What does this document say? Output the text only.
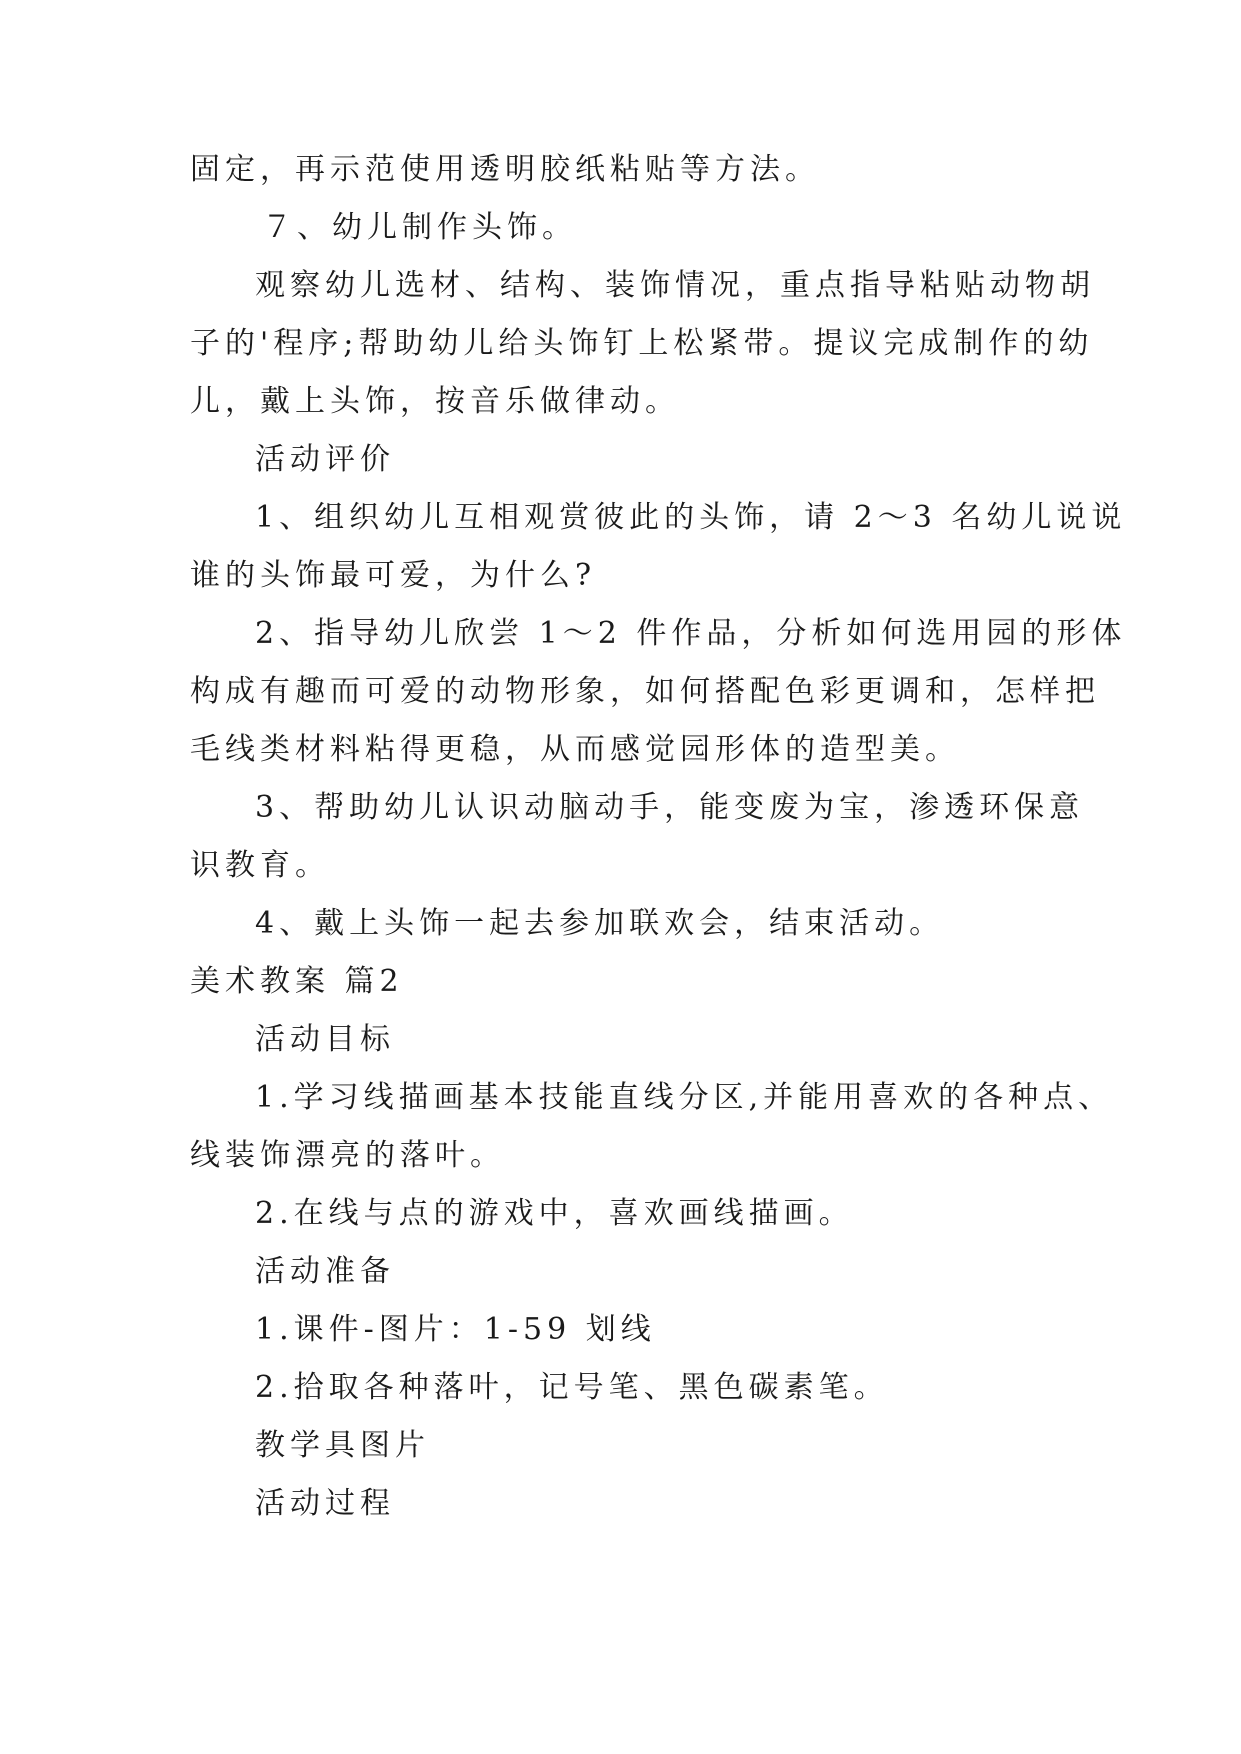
固定，再示范使用透明胶纸粘贴等方法。
７、幼儿制作头饰。
观察幼儿选材、结构、装饰情况，重点指导粘贴动物胡
子的'程序;帮助幼儿给头饰钉上松紧带。提议完成制作的幼
儿，戴上头饰，按音乐做律动。
活动评价
1、组织幼儿互相观赏彼此的头饰，请 2～3 名幼儿说说
谁的头饰最可爱，为什么?
2、指导幼儿欣尝 1～2 件作品，分析如何选用园的形体
构成有趣而可爱的动物形象，如何搭配色彩更调和，怎样把
毛线类材料粘得更稳，从而感觉园形体的造型美。
3、帮助幼儿认识动脑动手，能变废为宝，渗透环保意
识教育。
4、戴上头饰一起去参加联欢会，结束活动。
美术教案 篇2
活动目标
1.学习线描画基本技能直线分区,并能用喜欢的各种点、
线装饰漂亮的落叶。
2.在线与点的游戏中，喜欢画线描画。
活动准备
1.课件-图片：1-59 划线
2.拾取各种落叶，记号笔、黑色碳素笔。
教学具图片
活动过程
